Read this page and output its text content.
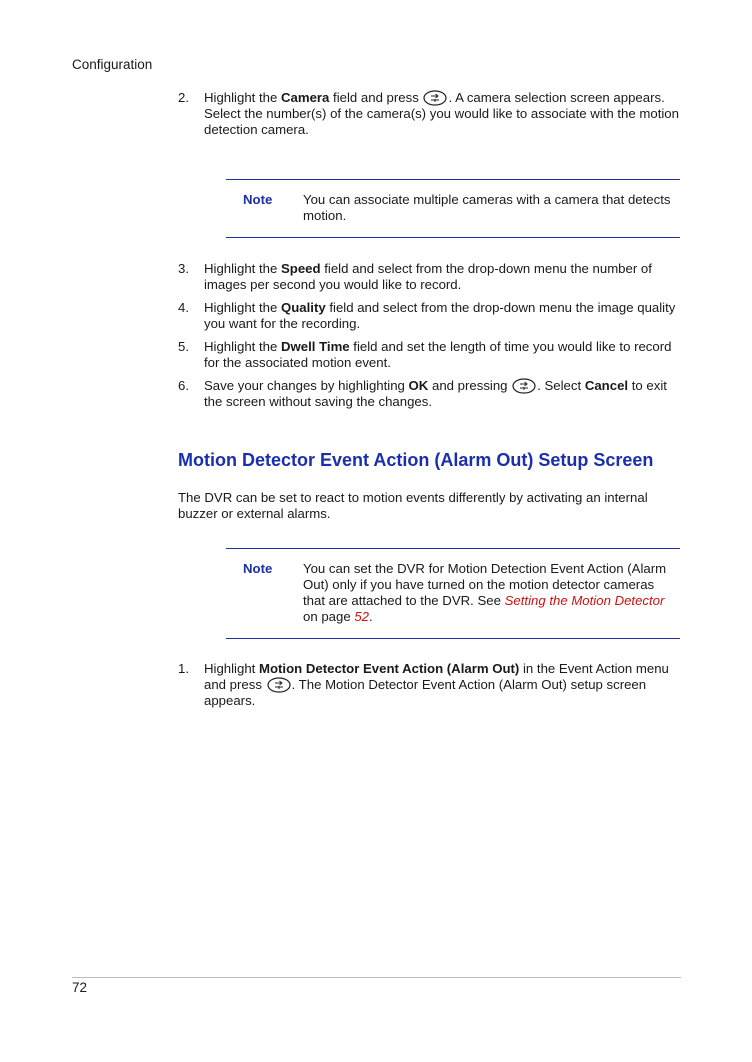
Configuration
2.	Highlight the Camera field and press . A camera selection screen appears. Select the number(s) of the camera(s) you would like to associate with the motion detection camera.
Note	You can associate multiple cameras with a camera that detects motion.
3.	Highlight the Speed field and select from the drop-down menu the number of images per second you would like to record.
4.	Highlight the Quality field and select from the drop-down menu the image quality you want for the recording.
5.	Highlight the Dwell Time field and set the length of time you would like to record for the associated motion event.
6.	Save your changes by highlighting OK and pressing . Select Cancel to exit the screen without saving the changes.
Motion Detector Event Action (Alarm Out) Setup Screen

The DVR can be set to react to motion events differently by activating an internal buzzer or external alarms.

Note	You can set the DVR for Motion Detection Event Action (Alarm Out) only if you have turned on the motion detector cameras that are attached to the DVR. See Setting the Motion Detector on page 52.
1.	Highlight Motion Detector Event Action (Alarm Out) in the Event Action menu and press . The Motion Detector Event Action (Alarm Out) setup screen appears.
72
